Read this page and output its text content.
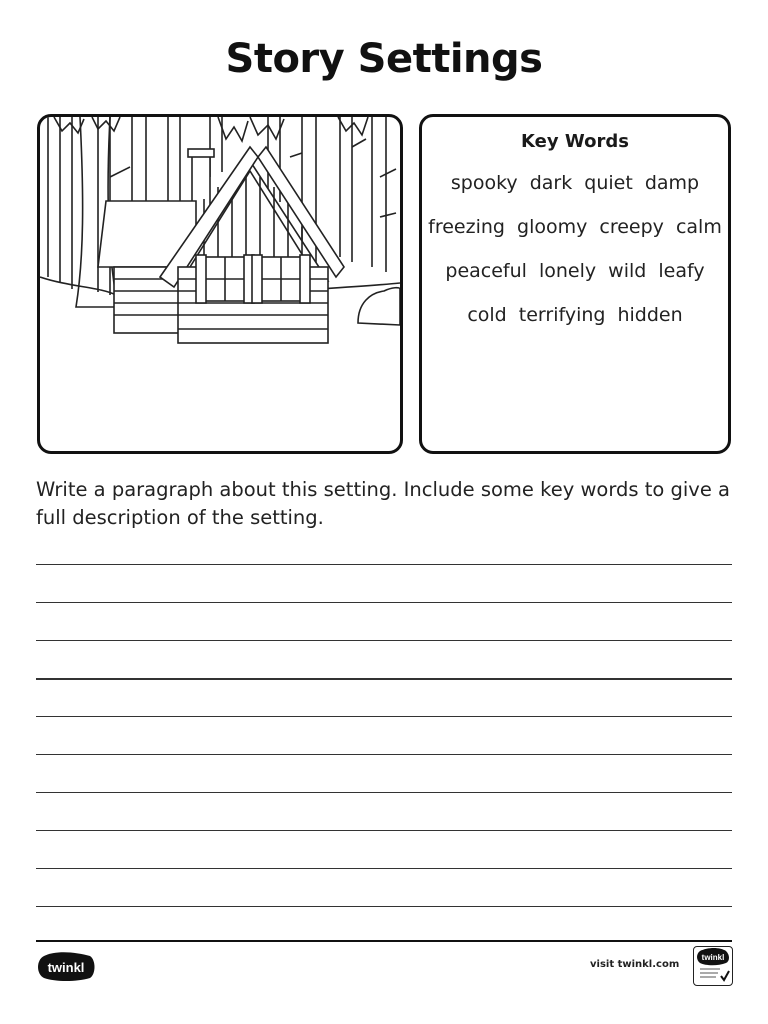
Story Settings
Key Words
spooky dark quiet damp
freezing gloomy creepy calm
peaceful lonely wild leafy
cold terrifying hidden
Write a paragraph about this setting. Include some key words to give a full description of the setting.
twinkl	visit twinkl.com
twinkl
